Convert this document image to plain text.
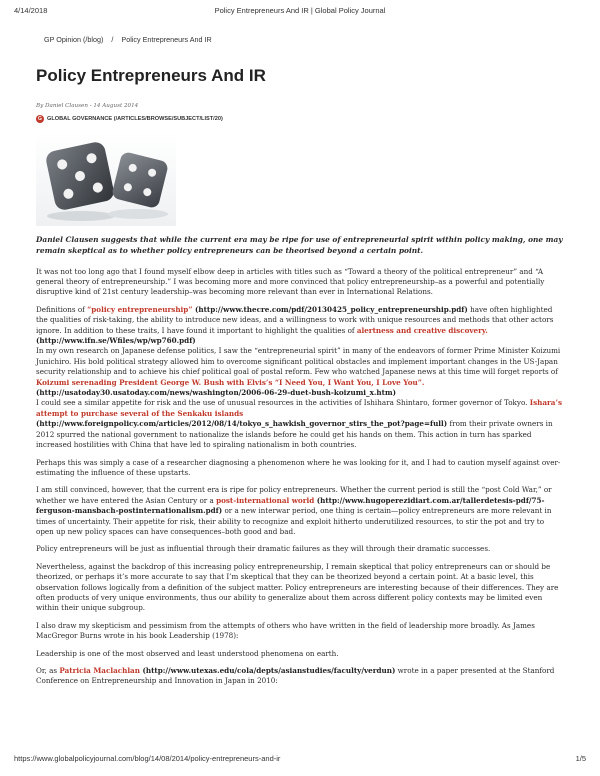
4/14/2018	Policy Entrepreneurs And IR | Global Policy Journal
GP Opinion (/blog) / Policy Entrepreneurs And IR
Policy Entrepreneurs And IR
By Daniel Clausen - 14 August 2014
G GLOBAL GOVERNANCE (/ARTICLES/BROWSE/SUBJECT/LIST/20)

Daniel Clausen suggests that while the current era may be ripe for use of entrepreneurial spirit within policy making, one may remain skeptical as to whether policy entrepreneurs can be theorised beyond a certain point.

It was not too long ago that I found myself elbow deep in articles with titles such as “Toward a theory of the political entrepreneur” and “A general theory of entrepreneurship.” I was becoming more and more convinced that policy entrepreneurship–as a powerful and potentially disruptive kind of 21st century leadership–was becoming more relevant than ever in International Relations.

Definitions of “policy entrepreneurship” (http://www.thecre.com/pdf/20130425_policy_entrepreneurship.pdf) have often highlighted the qualities of risk-taking, the ability to introduce new ideas, and a willingness to work with unique resources and methods that other actors ignore. In addition to these traits, I have found it important to highlight the qualities of alertness and creative discovery. (http://www.ifn.se/Wfiles/wp/wp760.pdf)

In my own research on Japanese defense politics, I saw the “entrepreneurial spirit” in many of the endeavors of former Prime Minister Koizumi Junichiro. His bold political strategy allowed him to overcome significant political obstacles and implement important changes in the US-Japan security relationship and to achieve his chief political goal of postal reform. Few who watched Japanese news at this time will forget reports of Koizumi serenading President George W. Bush with Elvis’s “I Need You, I Want You, I Love You”. (http://usatoday30.usatoday.com/news/washington/2006-06-29-duet-bush-koizumi_x.htm)

I could see a similar appetite for risk and the use of unusual resources in the activities of Ishihara Shintaro, former governor of Tokyo. Ishara’s attempt to purchase several of the Senkaku islands (http://www.foreignpolicy.com/articles/2012/08/14/tokyo_s_hawkish_governor_stirs_the_pot?page=full) from their private owners in 2012 spurred the national government to nationalize the islands before he could get his hands on them. This action in turn has sparked increased hostilities with China that have led to spiraling nationalism in both countries.

Perhaps this was simply a case of a researcher diagnosing a phenomenon where he was looking for it, and I had to caution myself against over-estimating the influence of these upstarts.

I am still convinced, however, that the current era is ripe for policy entrepreneurs. Whether the current period is still the “post Cold War,” or whether we have entered the Asian Century or a post-international world (http://www.hugoperezidiart.com.ar/tallerdetesis-pdf/75-ferguson-mansbach-postinternationalism.pdf) or a new interwar period, one thing is certain—policy entrepreneurs are more relevant in times of uncertainty. Their appetite for risk, their ability to recognize and exploit hitherto underutilized resources, to stir the pot and try to open up new policy spaces can have consequences–both good and bad.

Policy entrepreneurs will be just as influential through their dramatic failures as they will through their dramatic successes.

Nevertheless, against the backdrop of this increasing policy entrepreneurship, I remain skeptical that policy entrepreneurs can or should be theorized, or perhaps it’s more accurate to say that I’m skeptical that they can be theorized beyond a certain point. At a basic level, this observation follows logically from a definition of the subject matter. Policy entrepreneurs are interesting because of their differences. They are often products of very unique environments, thus our ability to generalize about them across different policy contexts may be limited even within their unique subgroup.

I also draw my skepticism and pessimism from the attempts of others who have written in the field of leadership more broadly. As James MacGregor Burns wrote in his book Leadership (1978):

Leadership is one of the most observed and least understood phenomena on earth.

Or, as Patricia Maclachlan (http://www.utexas.edu/cola/depts/asianstudies/faculty/verdun) wrote in a paper presented at the Stanford Conference on Entrepreneurship and Innovation in Japan in 2010:

https://www.globalpolicyjournal.com/blog/14/08/2014/policy-entrepreneurs-and-ir	1/5
